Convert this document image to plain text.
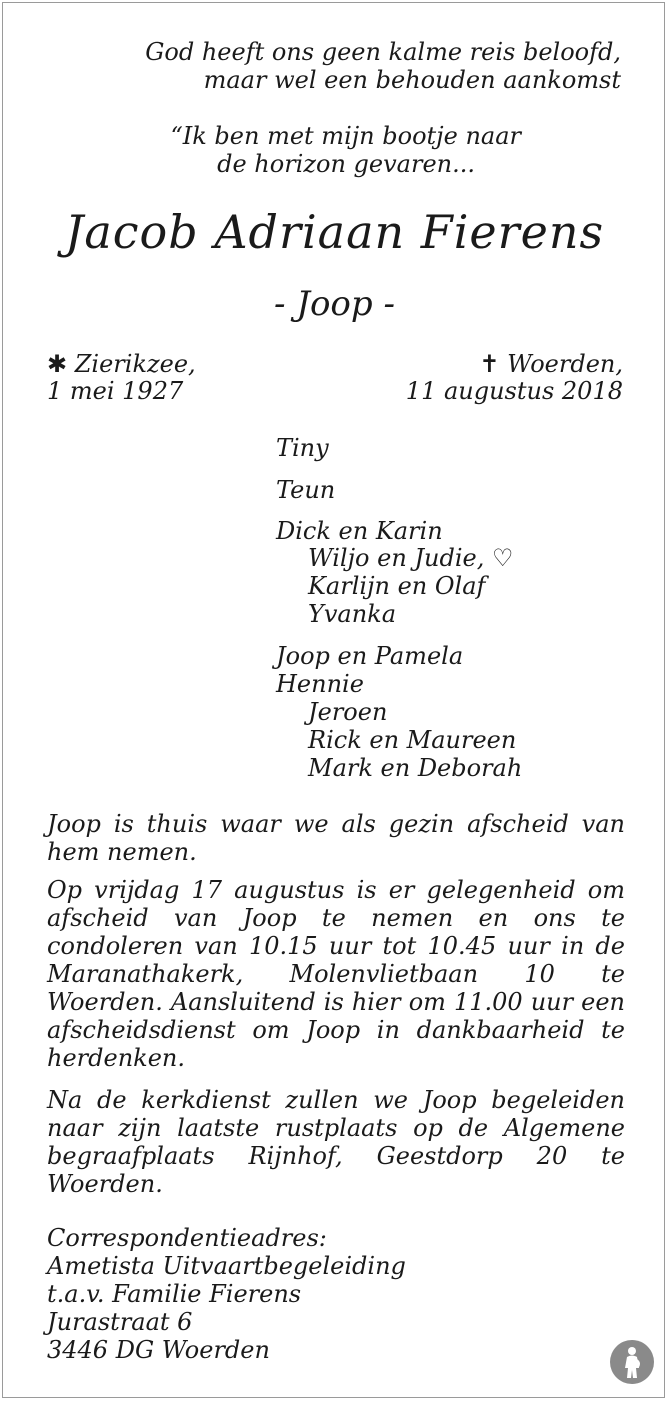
God heeft ons geen kalme reis beloofd,
maar wel een behouden aankomst
“Ik ben met mijn bootje naar
de horizon gevaren...
Jacob Adriaan Fierens
- Joop -
✱ Zierikzee,
1 mei 1927
✝ Woerden,
11 augustus 2018
Tiny
Teun
Dick en Karin
Wiljo en Judie, ♡
Karlijn en Olaf
Yvanka
Joop en Pamela
Hennie
Jeroen
Rick en Maureen
Mark en Deborah
Joop is thuis waar we als gezin afscheid van hem nemen.
Op vrijdag 17 augustus is er gelegenheid om afscheid van Joop te nemen en ons te condoleren van 10.15 uur tot 10.45 uur in de Maranathakerk, Molenvlietbaan 10 te Woerden. Aansluitend is hier om 11.00 uur een afscheidsdienst om Joop in dankbaarheid te herdenken.
Na de kerkdienst zullen we Joop begeleiden naar zijn laatste rustplaats op de Algemene begraafplaats Rijnhof, Geestdorp 20 te Woerden.
Correspondentieadres:
Ametista Uitvaartbegeleiding
t.a.v. Familie Fierens
Jurastraat 6
3446 DG Woerden
